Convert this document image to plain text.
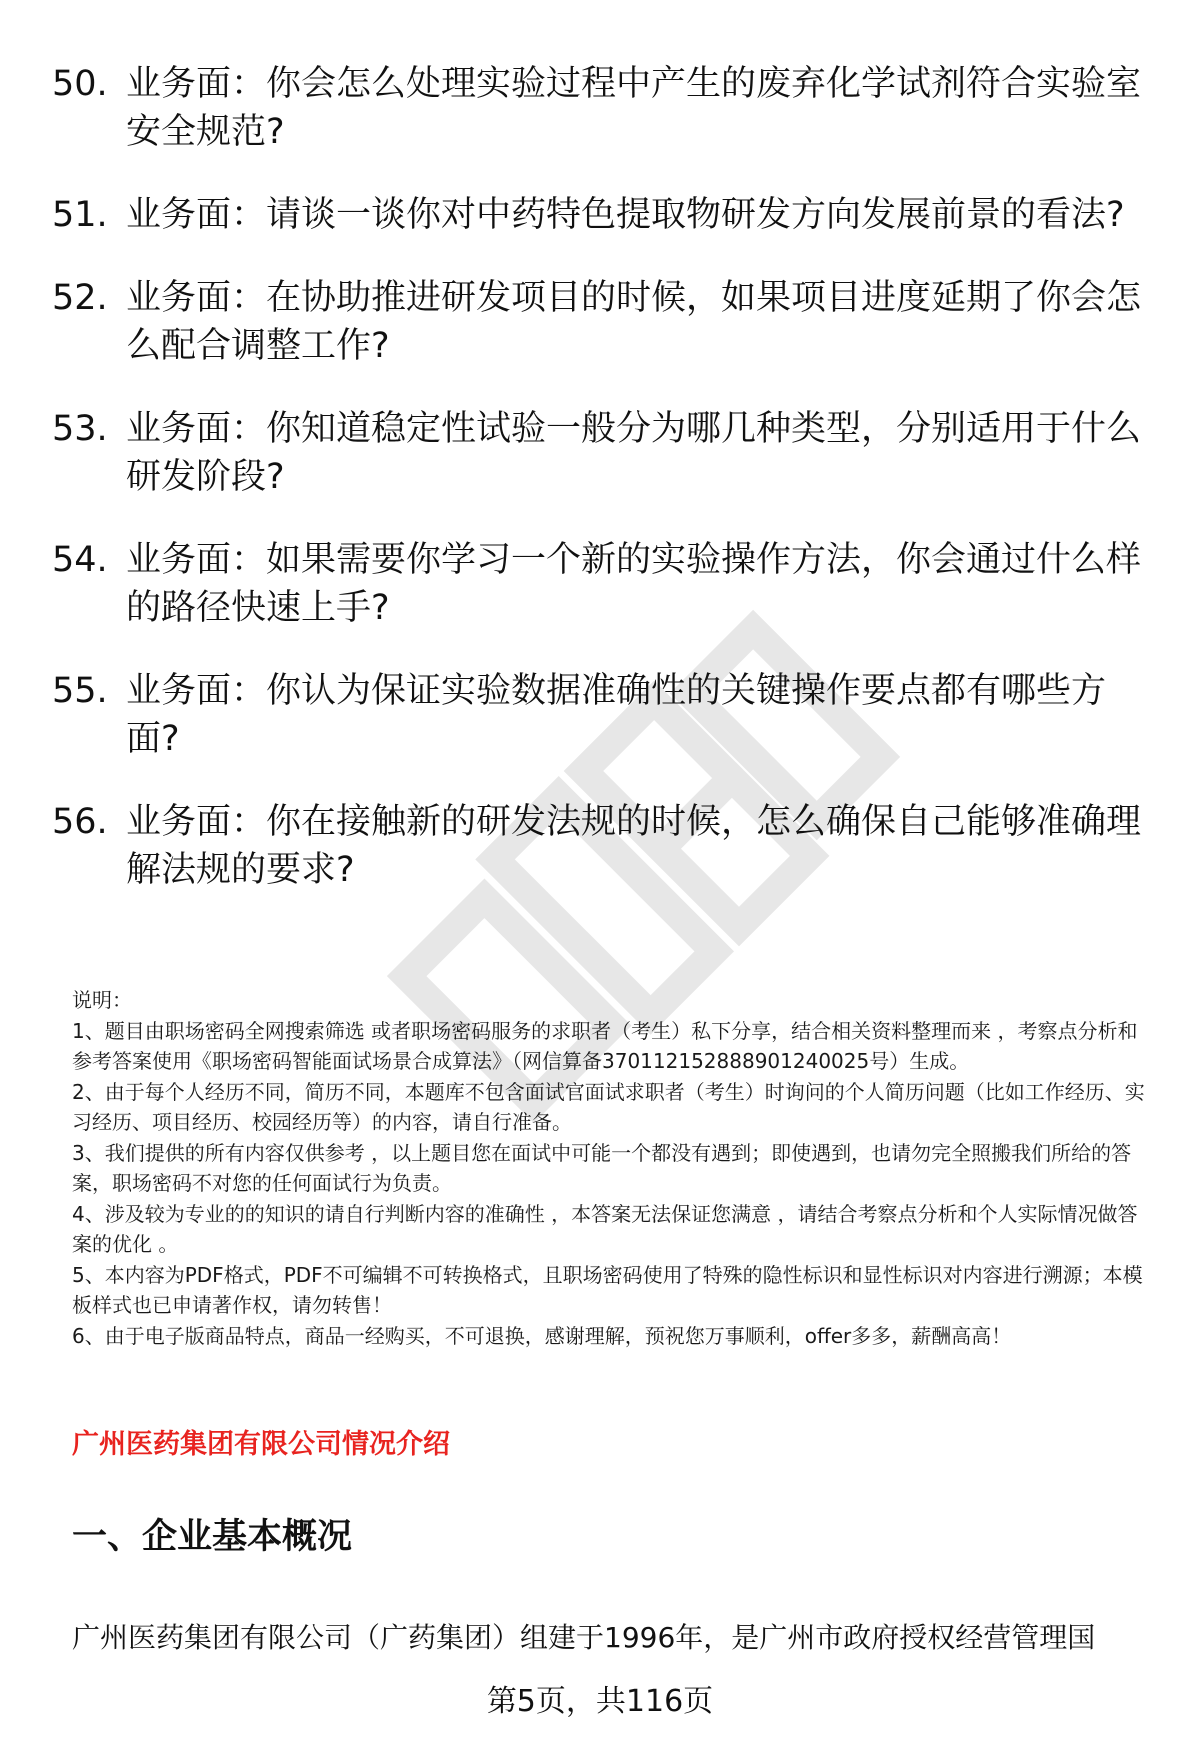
50. 业务面：你会怎么处理实验过程中产生的废弃化学试剂符合实验室安全规范?
51. 业务面：请谈一谈你对中药特色提取物研发方向发展前景的看法?
52. 业务面：在协助推进研发项目的时候，如果项目进度延期了你会怎么配合调整工作?
53. 业务面：你知道稳定性试验一般分为哪几种类型，分别适用于什么研发阶段?
54. 业务面：如果需要你学习一个新的实验操作方法，你会通过什么样的路径快速上手?
55. 业务面：你认为保证实验数据准确性的关键操作要点都有哪些方面?
56. 业务面：你在接触新的研发法规的时候，怎么确保自己能够准确理解法规的要求?

说明：

1、题目由职场密码全网搜索筛选 或者职场密码服务的求职者（考生）私下分享，结合相关资料整理而来 ，考察点分析和参考答案使用《职场密码智能面试场景合成算法》（网信算备370112152888901240025号）生成。

2、由于每个人经历不同，简历不同，本题库不包含面试官面试求职者（考生）时询问的个人简历问题（比如工作经历、实习经历、项目经历、校园经历等）的内容，请自行准备。

3、我们提供的所有内容仅供参考 ，以上题目您在面试中可能一个都没有遇到；即使遇到，也请勿完全照搬我们所给的答案，职场密码不对您的任何面试行为负责。

4、涉及较为专业的的知识的请自行判断内容的准确性 ，本答案无法保证您满意 ，请结合考察点分析和个人实际情况做答案的优化 。

5、本内容为PDF格式，PDF不可编辑不可转换格式，且职场密码使用了特殊的隐性标识和显性标识对内容进行溯源；本模板样式也已申请著作权，请勿转售！

6、由于电子版商品特点，商品一经购买，不可退换，感谢理解，预祝您万事顺利，offer多多，薪酬高高！

广州医药集团有限公司情况介绍
一、企业基本概况
广州医药集团有限公司（广药集团）组建于1996年，是广州市政府授权经营管理国
第5页，共116页
